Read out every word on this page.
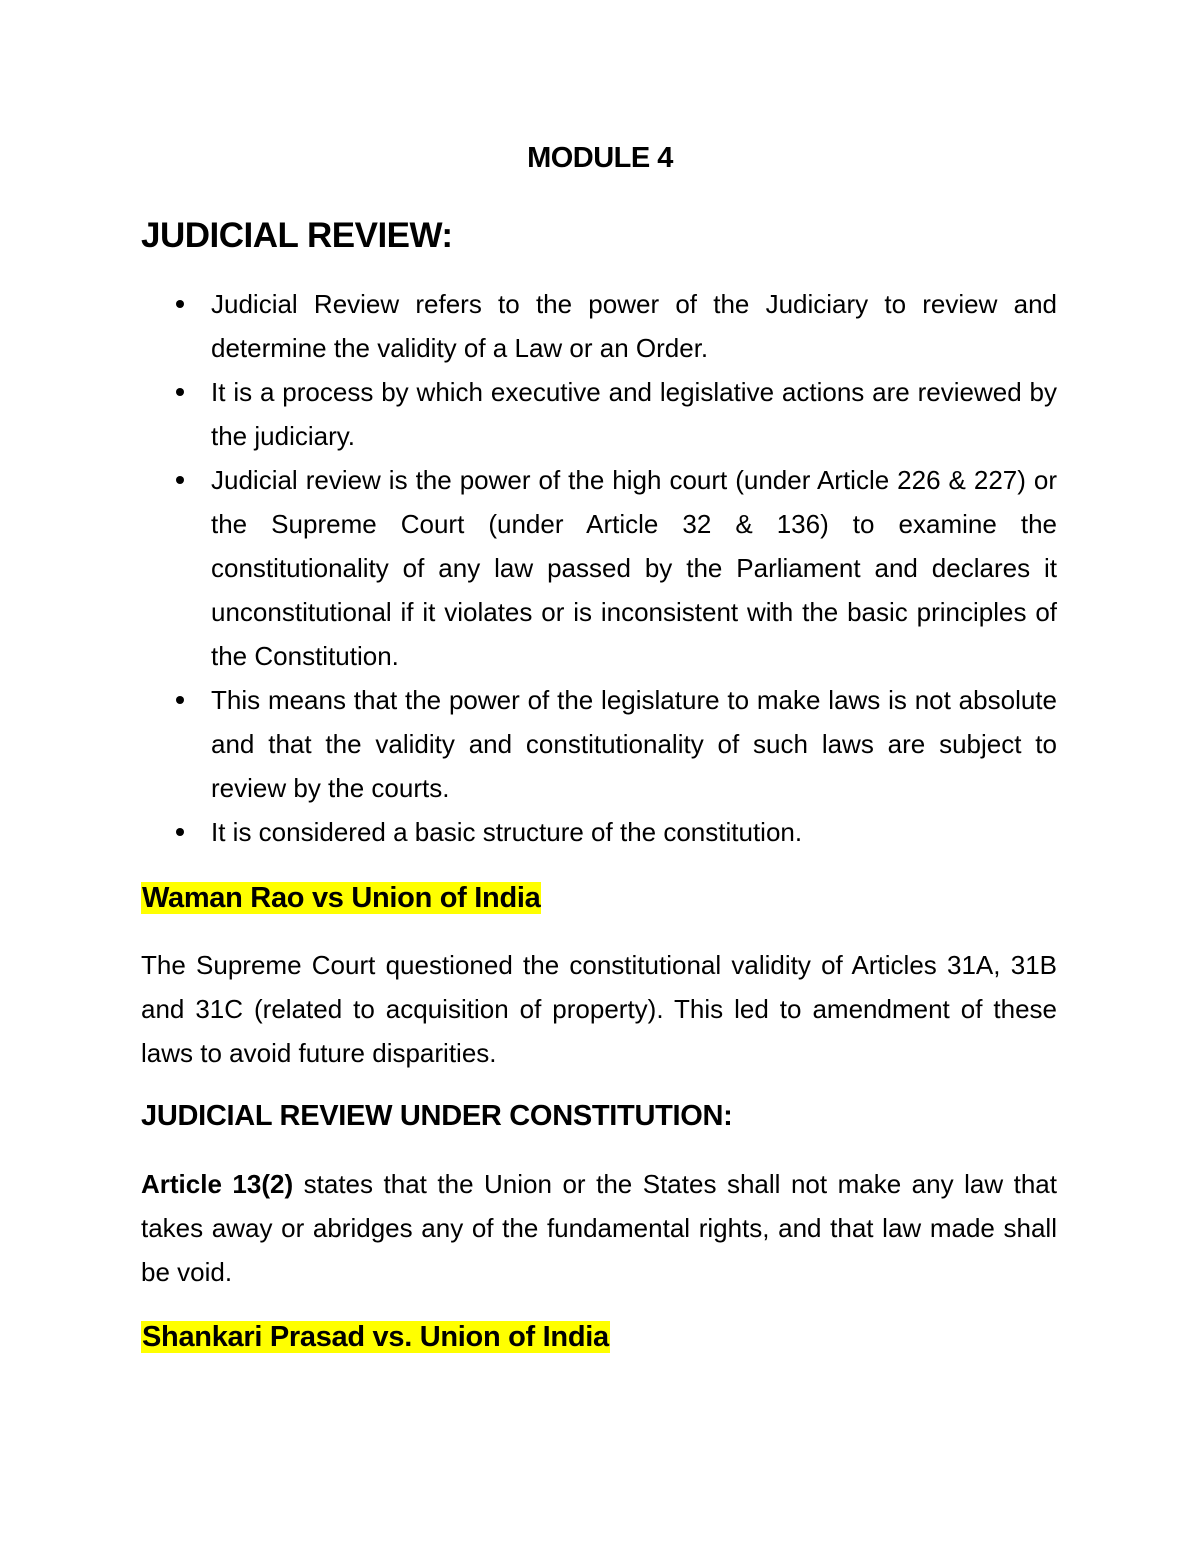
MODULE 4
JUDICIAL REVIEW:
Judicial Review refers to the power of the Judiciary to review and determine the validity of a Law or an Order.
It is a process by which executive and legislative actions are reviewed by the judiciary.
Judicial review is the power of the high court (under Article 226 & 227) or the Supreme Court (under Article 32 & 136) to examine the constitutionality of any law passed by the Parliament and declares it unconstitutional if it violates or is inconsistent with the basic principles of the Constitution.
This means that the power of the legislature to make laws is not absolute and that the validity and constitutionality of such laws are subject to review by the courts.
It is considered a basic structure of the constitution.
Waman Rao vs Union of India

The Supreme Court questioned the constitutional validity of Articles 31A, 31B and 31C (related to acquisition of property). This led to amendment of these laws to avoid future disparities.

JUDICIAL REVIEW UNDER CONSTITUTION:

Article 13(2) states that the Union or the States shall not make any law that takes away or abridges any of the fundamental rights, and that law made shall be void.

Shankari Prasad vs. Union of India
